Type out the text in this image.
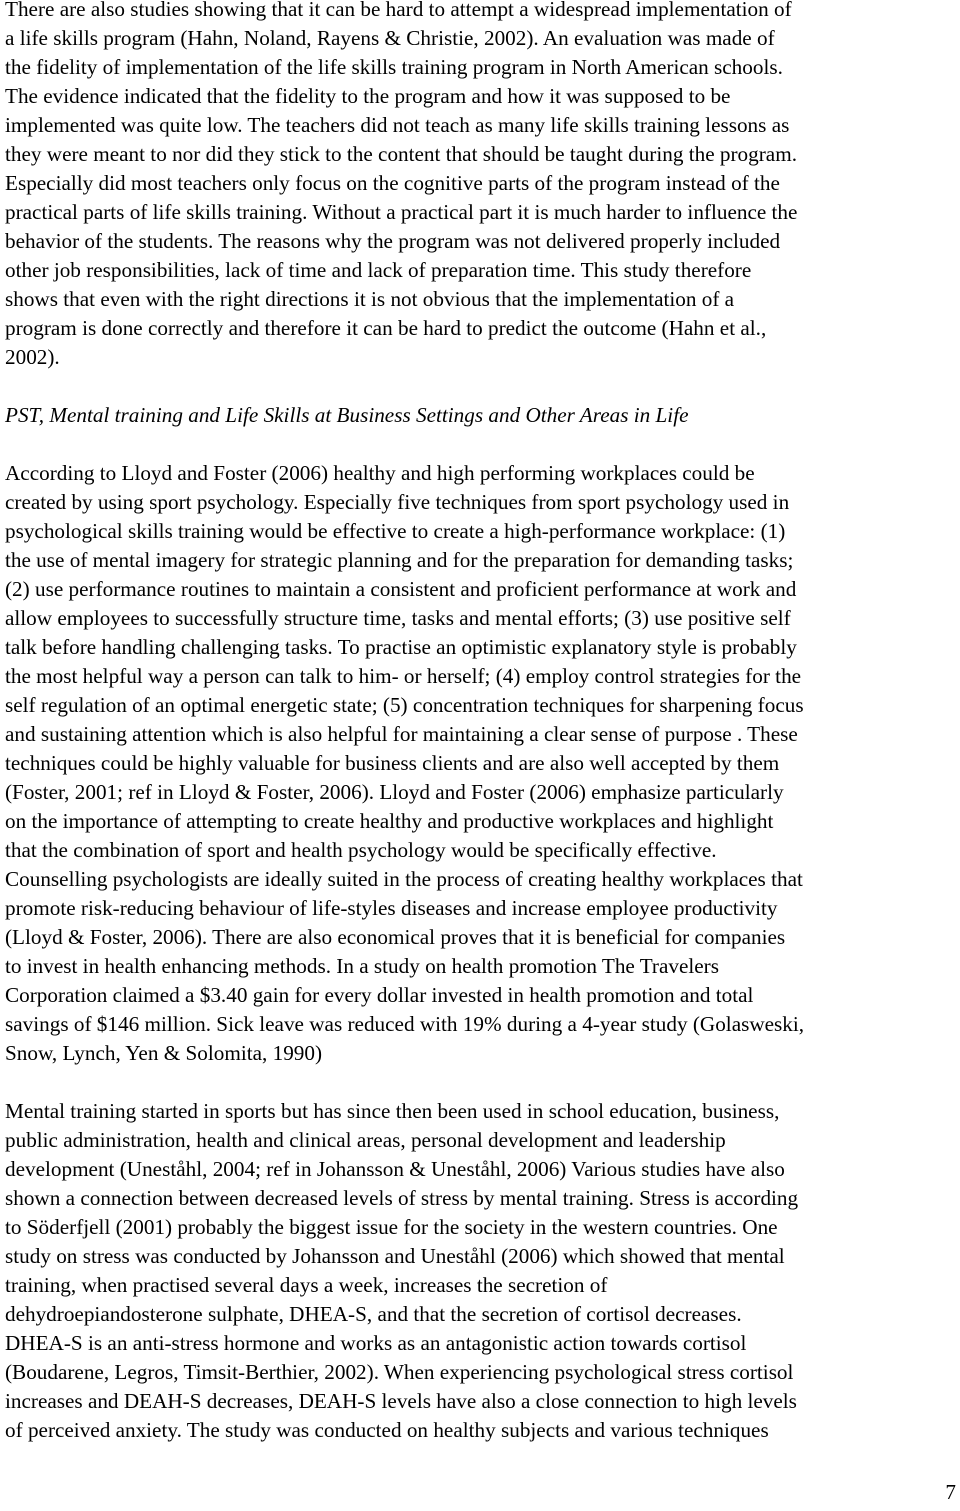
There are also studies showing that it can be hard to attempt a widespread implementation of
a life skills program (Hahn, Noland, Rayens & Christie, 2002). An evaluation was made of
the fidelity of implementation of the life skills training program in North American schools.
The evidence indicated that the fidelity to the program and how it was supposed to be
implemented was quite low. The teachers did not teach as many life skills training lessons as
they were meant to nor did they stick to the content that should be taught during the program.
Especially did most teachers only focus on the cognitive parts of the program instead of the
practical parts of life skills training. Without a practical part it is much harder to influence the
behavior of the students. The reasons why the program was not delivered properly included
other job responsibilities, lack of time and lack of preparation time. This study therefore
shows that even with the right directions it is not obvious that the implementation of a
program is done correctly and therefore it can be hard to predict the outcome (Hahn et al.,
2002).

PST, Mental training and Life Skills at Business Settings and Other Areas in Life

According to Lloyd and Foster (2006) healthy and high performing workplaces could be
created by using sport psychology. Especially five techniques from sport psychology used in
psychological skills training would be effective to create a high-performance workplace: (1)
the use of mental imagery for strategic planning and for the preparation for demanding tasks;
(2) use performance routines to maintain a consistent and proficient performance at work and
allow employees to successfully structure time, tasks and mental efforts; (3) use positive self
talk before handling challenging tasks. To practise an optimistic explanatory style is probably
the most helpful way a person can talk to him- or herself; (4) employ control strategies for the
self regulation of an optimal energetic state; (5) concentration techniques for sharpening focus
and sustaining attention which is also helpful for maintaining a clear sense of purpose . These
techniques could be highly valuable for business clients and are also well accepted by them
(Foster, 2001; ref in Lloyd & Foster, 2006). Lloyd and Foster (2006) emphasize particularly
on the importance of attempting to create healthy and productive workplaces and highlight
that the combination of sport and health psychology would be specifically effective.
Counselling psychologists are ideally suited in the process of creating healthy workplaces that
promote risk-reducing behaviour of life-styles diseases and increase employee productivity
(Lloyd & Foster, 2006). There are also economical proves that it is beneficial for companies
to invest in health enhancing methods. In a study on health promotion The Travelers
Corporation claimed a $3.40 gain for every dollar invested in health promotion and total
savings of $146 million. Sick leave was reduced with 19% during a 4-year study (Golasweski,
Snow, Lynch, Yen & Solomita, 1990)

Mental training started in sports but has since then been used in school education, business,
public administration, health and clinical areas, personal development and leadership
development (Uneståhl, 2004; ref in Johansson & Uneståhl, 2006) Various studies have also
shown a connection between decreased levels of stress by mental training. Stress is according
to Söderfjell (2001) probably the biggest issue for the society in the western countries. One
study on stress was conducted by Johansson and Uneståhl (2006) which showed that mental
training, when practised several days a week, increases the secretion of
dehydroepiandosterone sulphate, DHEA-S, and that the secretion of cortisol decreases.
DHEA-S is an anti-stress hormone and works as an antagonistic action towards cortisol
(Boudarene, Legros, Timsit-Berthier, 2002). When experiencing psychological stress cortisol
increases and DEAH-S decreases, DEAH-S levels have also a close connection to high levels
of perceived anxiety. The study was conducted on healthy subjects and various techniques

7
